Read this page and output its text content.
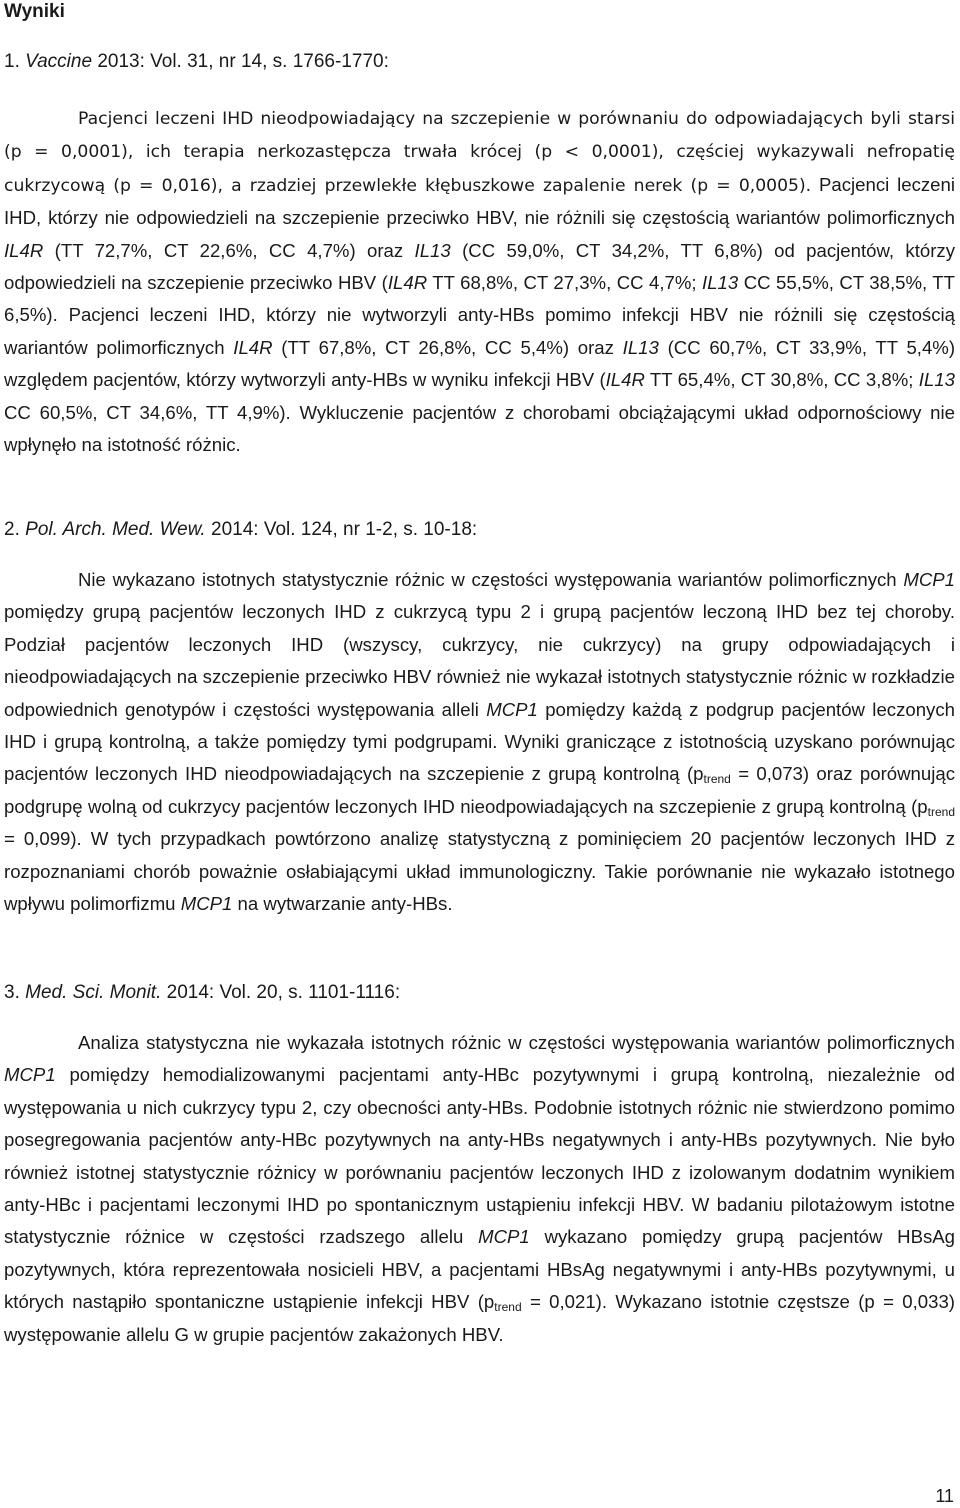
Wyniki
1. Vaccine 2013: Vol. 31, nr 14, s. 1766-1770:
Pacjenci leczeni IHD nieodpowiadający na szczepienie w porównaniu do odpowiadających byli starsi (p = 0,0001), ich terapia nerkozastępcza trwała krócej (p < 0,0001), częściej wykazywali nefropatię cukrzycową (p = 0,016), a rzadziej przewlekłe kłębuszkowe zapalenie nerek (p = 0,0005). Pacjenci leczeni IHD, którzy nie odpowiedzieli na szczepienie przeciwko HBV, nie różnili się częstością wariantów polimorficznych IL4R (TT 72,7%, CT 22,6%, CC 4,7%) oraz IL13 (CC 59,0%, CT 34,2%, TT 6,8%) od pacjentów, którzy odpowiedzieli na szczepienie przeciwko HBV (IL4R TT 68,8%, CT 27,3%, CC 4,7%; IL13 CC 55,5%, CT 38,5%, TT 6,5%). Pacjenci leczeni IHD, którzy nie wytworzyli anty-HBs pomimo infekcji HBV nie różnili się częstością wariantów polimorficznych IL4R (TT 67,8%, CT 26,8%, CC 5,4%) oraz IL13 (CC 60,7%, CT 33,9%, TT 5,4%) względem pacjentów, którzy wytworzyli anty-HBs w wyniku infekcji HBV (IL4R TT 65,4%, CT 30,8%, CC 3,8%; IL13 CC 60,5%, CT 34,6%, TT 4,9%). Wykluczenie pacjentów z chorobami obciążającymi układ odpornościowy nie wpłynęło na istotność różnic.
2. Pol. Arch. Med. Wew. 2014: Vol. 124, nr 1-2, s. 10-18:
Nie wykazano istotnych statystycznie różnic w częstości występowania wariantów polimorficznych MCP1 pomiędzy grupą pacjentów leczonych IHD z cukrzycą typu 2 i grupą pacjentów leczoną IHD bez tej choroby. Podział pacjentów leczonych IHD (wszyscy, cukrzycy, nie cukrzycy) na grupy odpowiadających i nieodpowiadających na szczepienie przeciwko HBV również nie wykazał istotnych statystycznie różnic w rozkładzie odpowiednich genotypów i częstości występowania alleli MCP1 pomiędzy każdą z podgrup pacjentów leczonych IHD i grupą kontrolną, a także pomiędzy tymi podgrupami. Wyniki graniczące z istotnością uzyskano porównując pacjentów leczonych IHD nieodpowiadających na szczepienie z grupą kontrolną $(p_{trend} = 0,073)$ oraz porównując podgrupę wolną od cukrzycy pacjentów leczonych IHD nieodpowiadających na szczepienie z grupą kontrolną $(p_{trend} = 0,099)$. W tych przypadkach powtórzono analizę statystyczną z pominięciem 20 pacjentów leczonych IHD z rozpoznaniami chorób poważnie osłabiającymi układ immunologiczny. Takie porównanie nie wykazało istotnego wpływu polimorfizmu MCP1 na wytwarzanie anty-HBs.
3. Med. Sci. Monit. 2014: Vol. 20, s. 1101-1116:
Analiza statystyczna nie wykazała istotnych różnic w częstości występowania wariantów polimorficznych MCP1 pomiędzy hemodializowanymi pacjentami anty-HBc pozytywnymi i grupą kontrolną, niezależnie od występowania u nich cukrzycy typu 2, czy obecności anty-HBs. Podobnie istotnych różnic nie stwierdzono pomimo posegregowania pacjentów anty-HBc pozytywnych na anty-HBs negatywnych i anty-HBs pozytywnych. Nie było również istotnej statystycznie różnicy w porównaniu pacjentów leczonych IHD z izolowanym dodatnim wynikiem anty-HBc i pacjentami leczonymi IHD po spontanicznym ustąpieniu infekcji HBV. W badaniu pilotażowym istotne statystycznie różnice w częstości rzadszego allelu MCP1 wykazano pomiędzy grupą pacjentów HBsAg pozytywnych, która reprezentowała nosicieli HBV, a pacjentami HBsAg negatywnymi i anty-HBs pozytywnymi, u których nastąpiło spontaniczne ustąpienie infekcji HBV $(p_{trend} = 0,021)$. Wykazano istotnie częstsze (p = 0,033) występowanie allelu G w grupie pacjentów zakażonych HBV.
11
